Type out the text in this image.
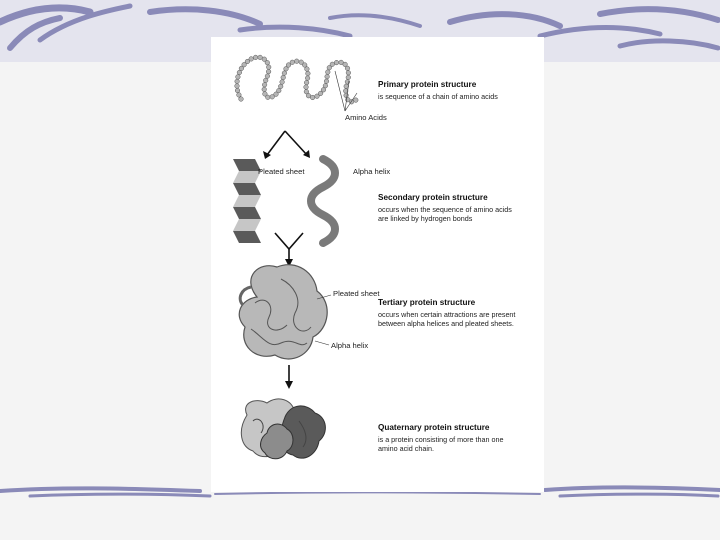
Amino Acids
Pleated sheet	Alpha helix
Pleated sheet
Alpha helix
Primary protein structure
is sequence of a chain of amino acids
Secondary protein structure
occurs when the sequence of amino acids
are linked by hydrogen bonds
Tertiary protein structure
occurs when certain attractions are present
between alpha helices and pleated sheets.
Quaternary protein structure
is a protein consisting of more than one
amino acid chain.
